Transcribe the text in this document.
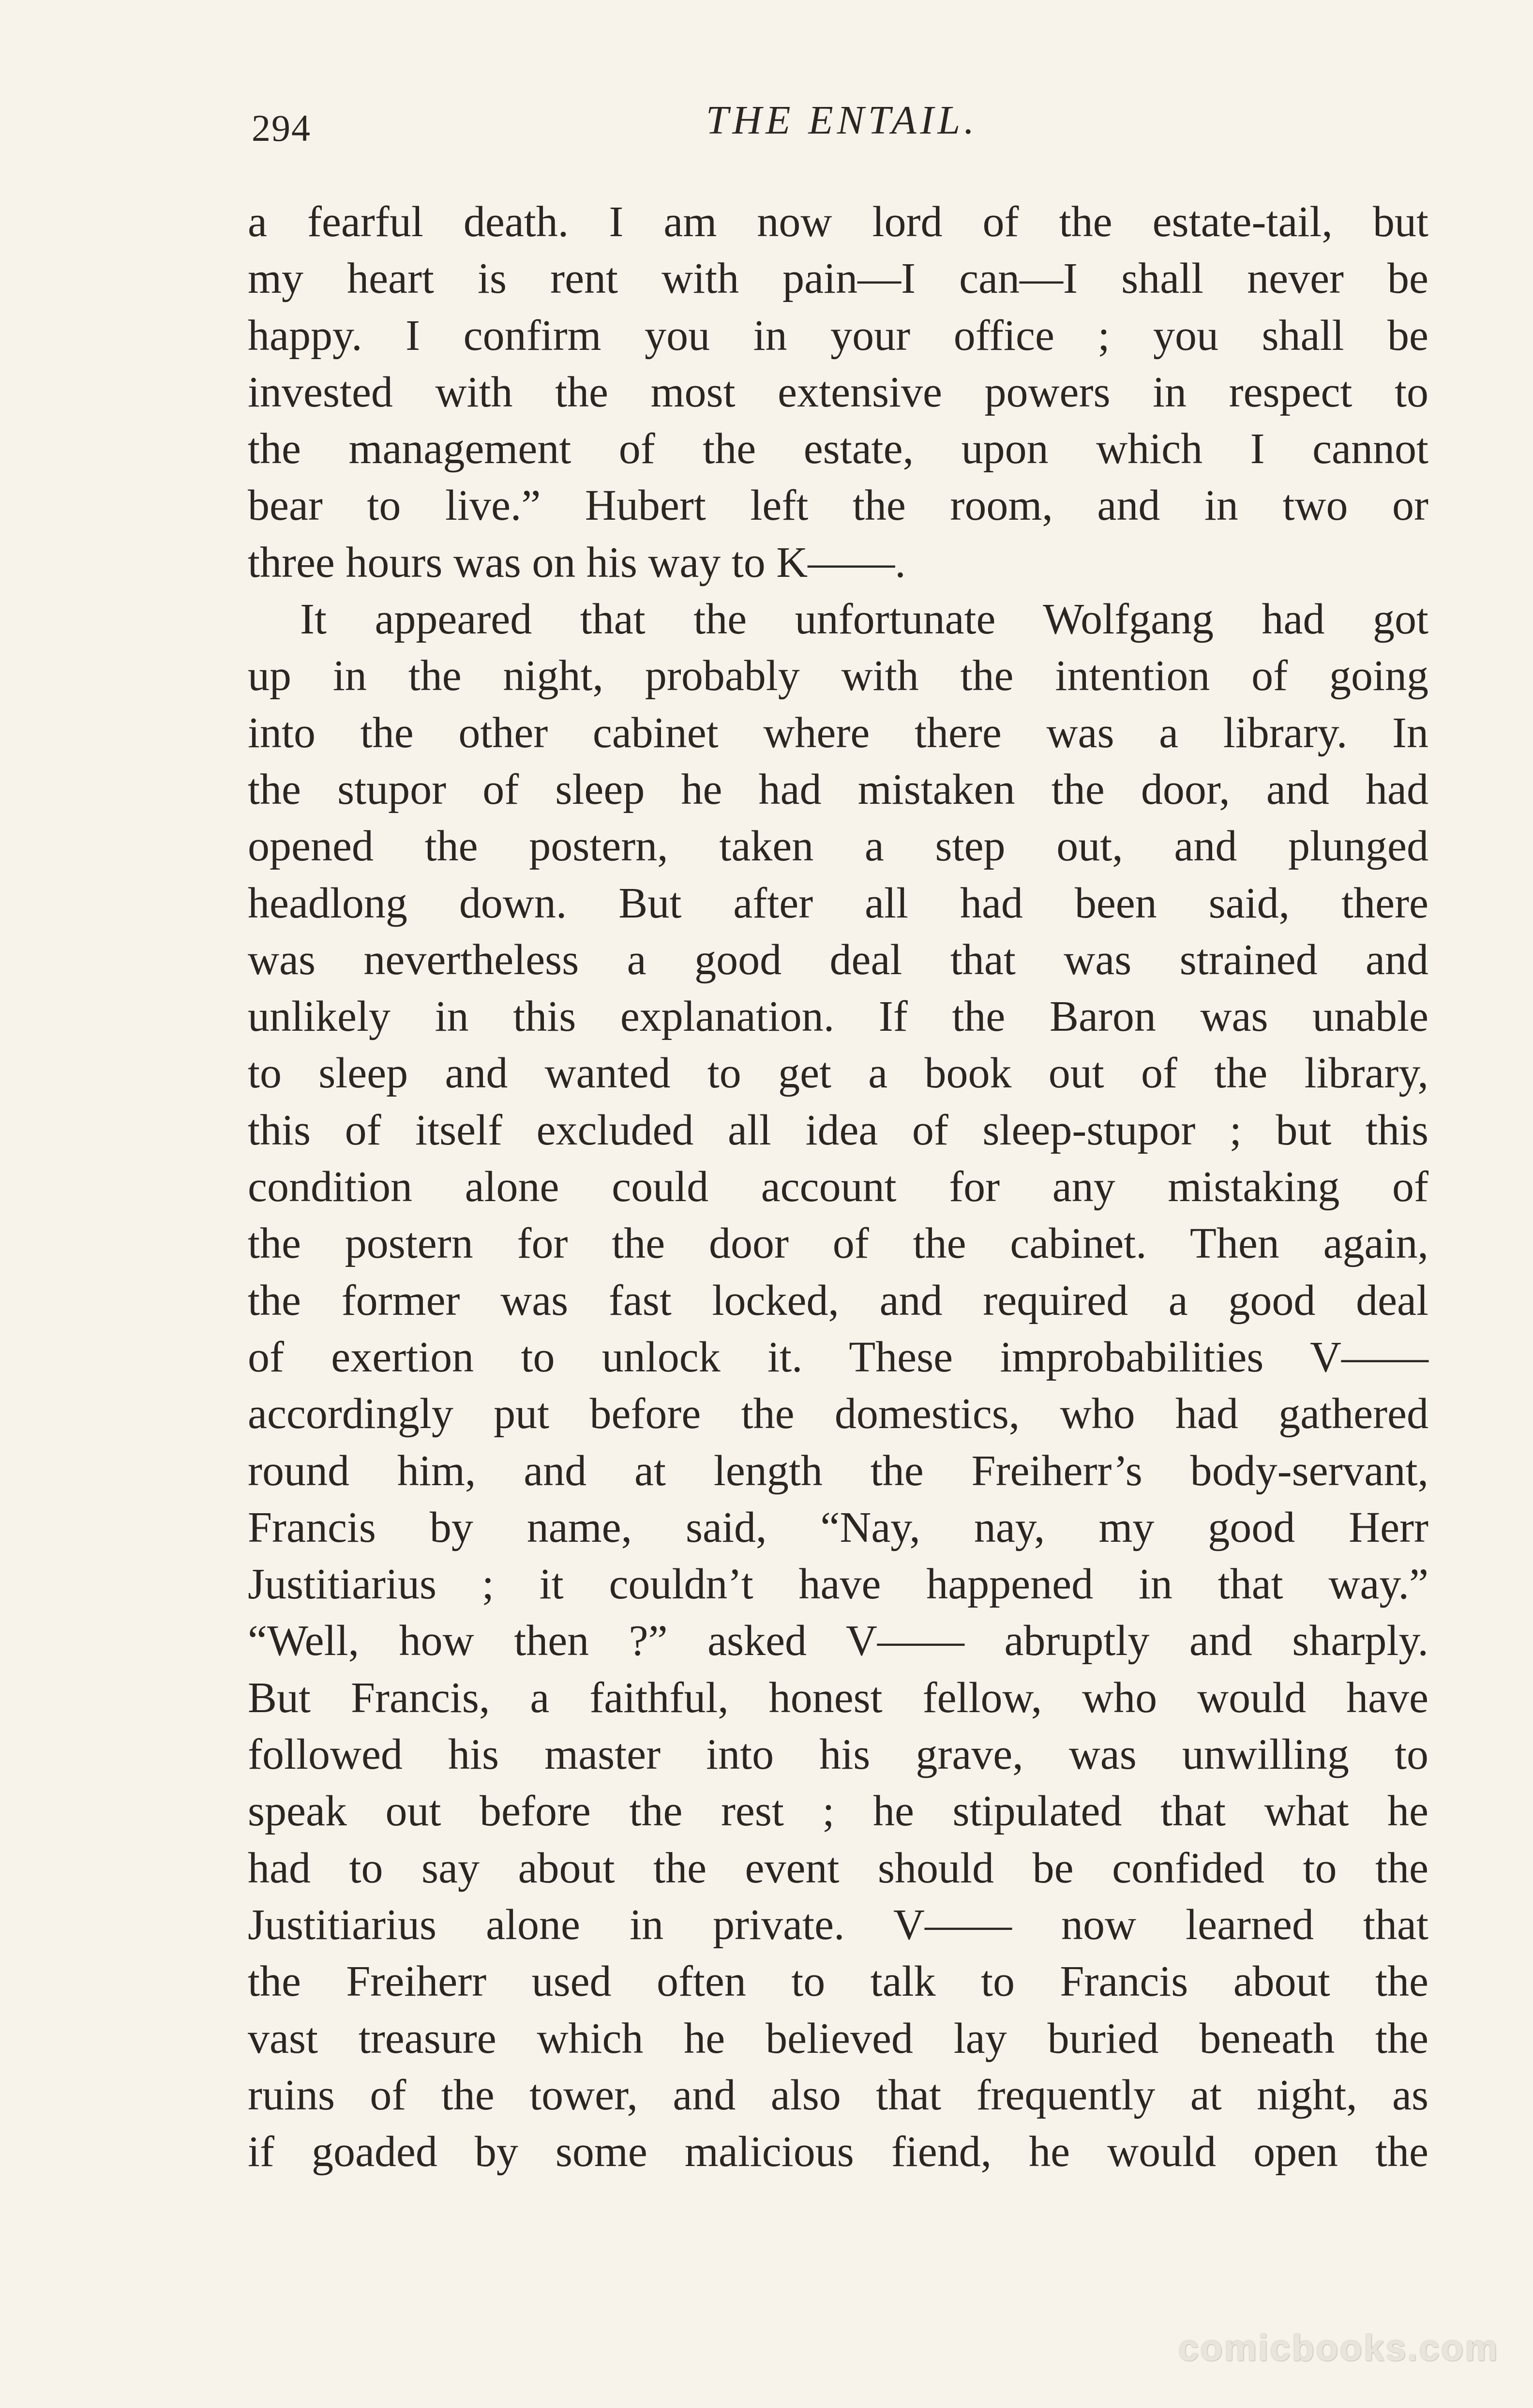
294	THE ENTAIL.
a fearful death. I am now lord of the estate-tail, but
my heart is rent with pain—I can—I shall never be
happy. I confirm you in your office ; you shall be
invested with the most extensive powers in respect to
the management of the estate, upon which I cannot
bear to live.” Hubert left the room, and in two or
three hours was on his way to K——.
It appeared that the unfortunate Wolfgang had got
up in the night, probably with the intention of going
into the other cabinet where there was a library. In
the stupor of sleep he had mistaken the door, and had
opened the postern, taken a step out, and plunged
headlong down. But after all had been said, there
was nevertheless a good deal that was strained and
unlikely in this explanation. If the Baron was unable
to sleep and wanted to get a book out of the library,
this of itself excluded all idea of sleep-stupor ; but this
condition alone could account for any mistaking of
the postern for the door of the cabinet. Then again,
the former was fast locked, and required a good deal
of exertion to unlock it. These improbabilities V——
accordingly put before the domestics, who had gathered
round him, and at length the Freiherr’s body-servant,
Francis by name, said, “Nay, nay, my good Herr
Justitiarius ; it couldn’t have happened in that way.”
“Well, how then ?” asked V—— abruptly and sharply.
But Francis, a faithful, honest fellow, who would have
followed his master into his grave, was unwilling to
speak out before the rest ; he stipulated that what he
had to say about the event should be confided to the
Justitiarius alone in private. V—— now learned that
the Freiherr used often to talk to Francis about the
vast treasure which he believed lay buried beneath the
ruins of the tower, and also that frequently at night, as
if goaded by some malicious fiend, he would open the
comicbooks.com
